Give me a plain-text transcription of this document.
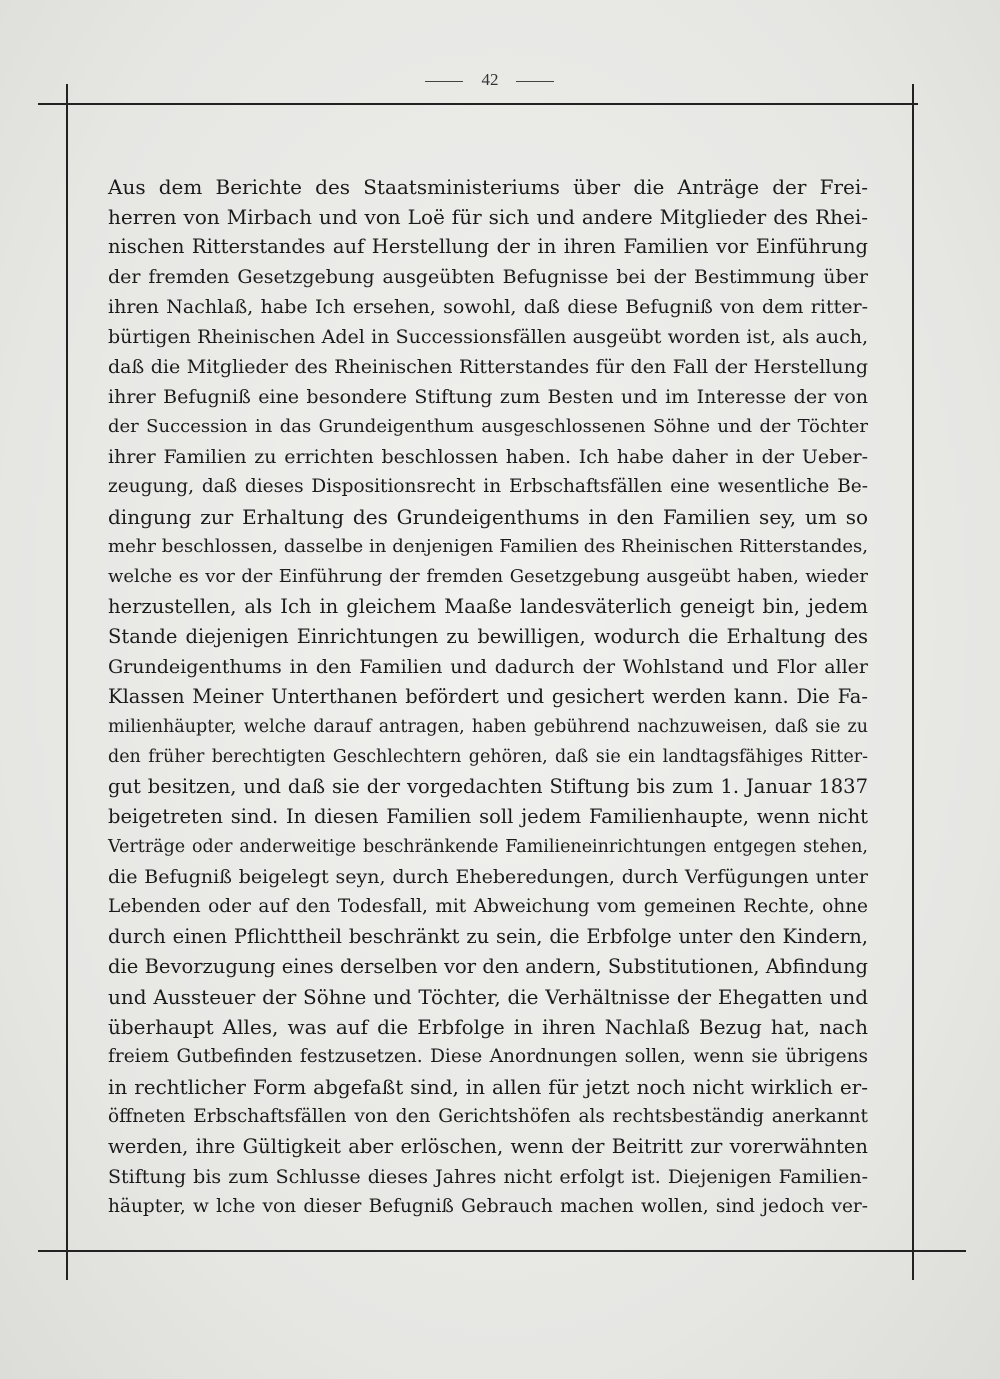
42
Aus dem Berichte des Staatsministeriums über die Anträge der Frei-
herren von Mirbach und von Loë für sich und andere Mitglieder des Rhei-
nischen Ritterstandes auf Herstellung der in ihren Familien vor Einführung
der fremden Gesetzgebung ausgeübten Befugnisse bei der Bestimmung über
ihren Nachlaß, habe Ich ersehen, sowohl, daß diese Befugniß von dem ritter-
bürtigen Rheinischen Adel in Successionsfällen ausgeübt worden ist, als auch,
daß die Mitglieder des Rheinischen Ritterstandes für den Fall der Herstellung
ihrer Befugniß eine besondere Stiftung zum Besten und im Interesse der von
der Succession in das Grundeigenthum ausgeschlossenen Söhne und der Töchter
ihrer Familien zu errichten beschlossen haben. Ich habe daher in der Ueber-
zeugung, daß dieses Dispositionsrecht in Erbschaftsfällen eine wesentliche Be-
dingung zur Erhaltung des Grundeigenthums in den Familien sey, um so
mehr beschlossen, dasselbe in denjenigen Familien des Rheinischen Ritterstandes,
welche es vor der Einführung der fremden Gesetzgebung ausgeübt haben, wieder
herzustellen, als Ich in gleichem Maaße landesväterlich geneigt bin, jedem
Stande diejenigen Einrichtungen zu bewilligen, wodurch die Erhaltung des
Grundeigenthums in den Familien und dadurch der Wohlstand und Flor aller
Klassen Meiner Unterthanen befördert und gesichert werden kann. Die Fa-
milienhäupter, welche darauf antragen, haben gebührend nachzuweisen, daß sie zu
den früher berechtigten Geschlechtern gehören, daß sie ein landtagsfähiges Ritter-
gut besitzen, und daß sie der vorgedachten Stiftung bis zum 1. Januar 1837
beigetreten sind. In diesen Familien soll jedem Familienhaupte, wenn nicht
Verträge oder anderweitige beschränkende Familieneinrichtungen entgegen stehen,
die Befugniß beigelegt seyn, durch Eheberedungen, durch Verfügungen unter
Lebenden oder auf den Todesfall, mit Abweichung vom gemeinen Rechte, ohne
durch einen Pflichttheil beschränkt zu sein, die Erbfolge unter den Kindern,
die Bevorzugung eines derselben vor den andern, Substitutionen, Abfindung
und Aussteuer der Söhne und Töchter, die Verhältnisse der Ehegatten und
überhaupt Alles, was auf die Erbfolge in ihren Nachlaß Bezug hat, nach
freiem Gutbefinden festzusetzen. Diese Anordnungen sollen, wenn sie übrigens
in rechtlicher Form abgefaßt sind, in allen für jetzt noch nicht wirklich er-
öffneten Erbschaftsfällen von den Gerichtshöfen als rechtsbeständig anerkannt
werden, ihre Gültigkeit aber erlöschen, wenn der Beitritt zur vorerwähnten
Stiftung bis zum Schlusse dieses Jahres nicht erfolgt ist. Diejenigen Familien-
häupter, w lche von dieser Befugniß Gebrauch machen wollen, sind jedoch ver-
